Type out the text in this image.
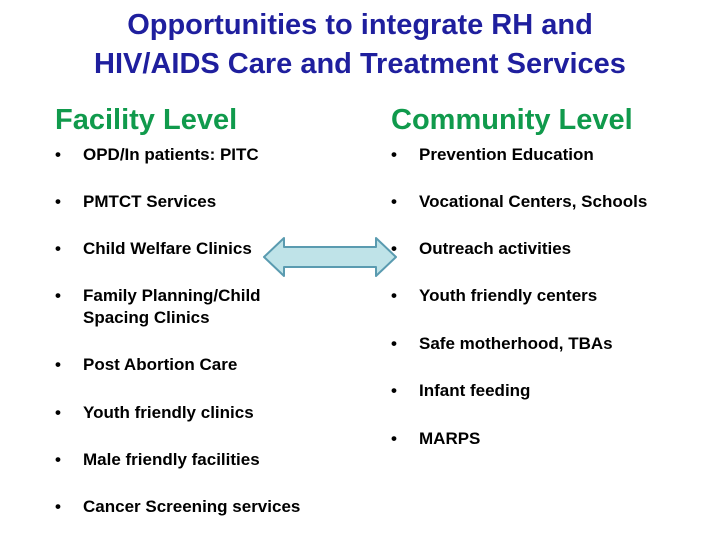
Opportunities to integrate RH and
HIV/AIDS Care and Treatment Services
Facility Level	Community Level
• OPD/In patients: PITC
• PMTCT Services
• Child Welfare Clinics
• Family Planning/Child
Spacing Clinics
• Post Abortion Care
• Youth friendly clinics
• Male friendly facilities
• Cancer Screening services
• Prevention Education
• Vocational Centers, Schools
• Outreach activities
• Youth friendly centers
• Safe motherhood, TBAs
• Infant feeding
• MARPS
